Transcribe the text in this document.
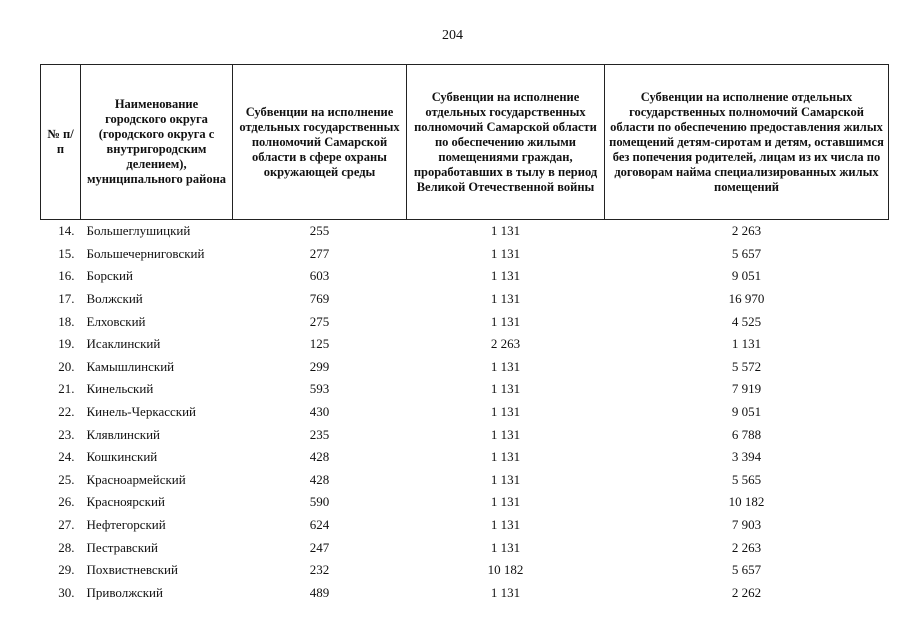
204
№ п/п	Наименование городского округа (городского округа с внутригородским делением), муниципального района	Субвенции на исполнение отдельных государственных полномочий Самарской области в сфере охраны окружающей среды	Субвенции на исполнение отдельных государственных полномочий Самарской области по обеспечению жилыми помещениями граждан, проработавших в тылу в период Великой Отечественной войны	Субвенции на исполнение отдельных государственных полномочий Самарской области по обеспечению предоставления жилых помещений детям-сиротам и детям, оставшимся без попечения родителей, лицам из их числа по договорам найма специализированных жилых помещений
14.	Большеглушицкий	255	1 131	2 263
15.	Большечерниговский	277	1 131	5 657
16.	Борский	603	1 131	9 051
17.	Волжский	769	1 131	16 970
18.	Елховский	275	1 131	4 525
19.	Исаклинский	125	2 263	1 131
20.	Камышлинский	299	1 131	5 572
21.	Кинельский	593	1 131	7 919
22.	Кинель-Черкасский	430	1 131	9 051
23.	Клявлинский	235	1 131	6 788
24.	Кошкинский	428	1 131	3 394
25.	Красноармейский	428	1 131	5 565
26.	Красноярский	590	1 131	10 182
27.	Нефтегорский	624	1 131	7 903
28.	Пестравский	247	1 131	2 263
29.	Похвистневский	232	10 182	5 657
30.	Приволжский	489	1 131	2 262
